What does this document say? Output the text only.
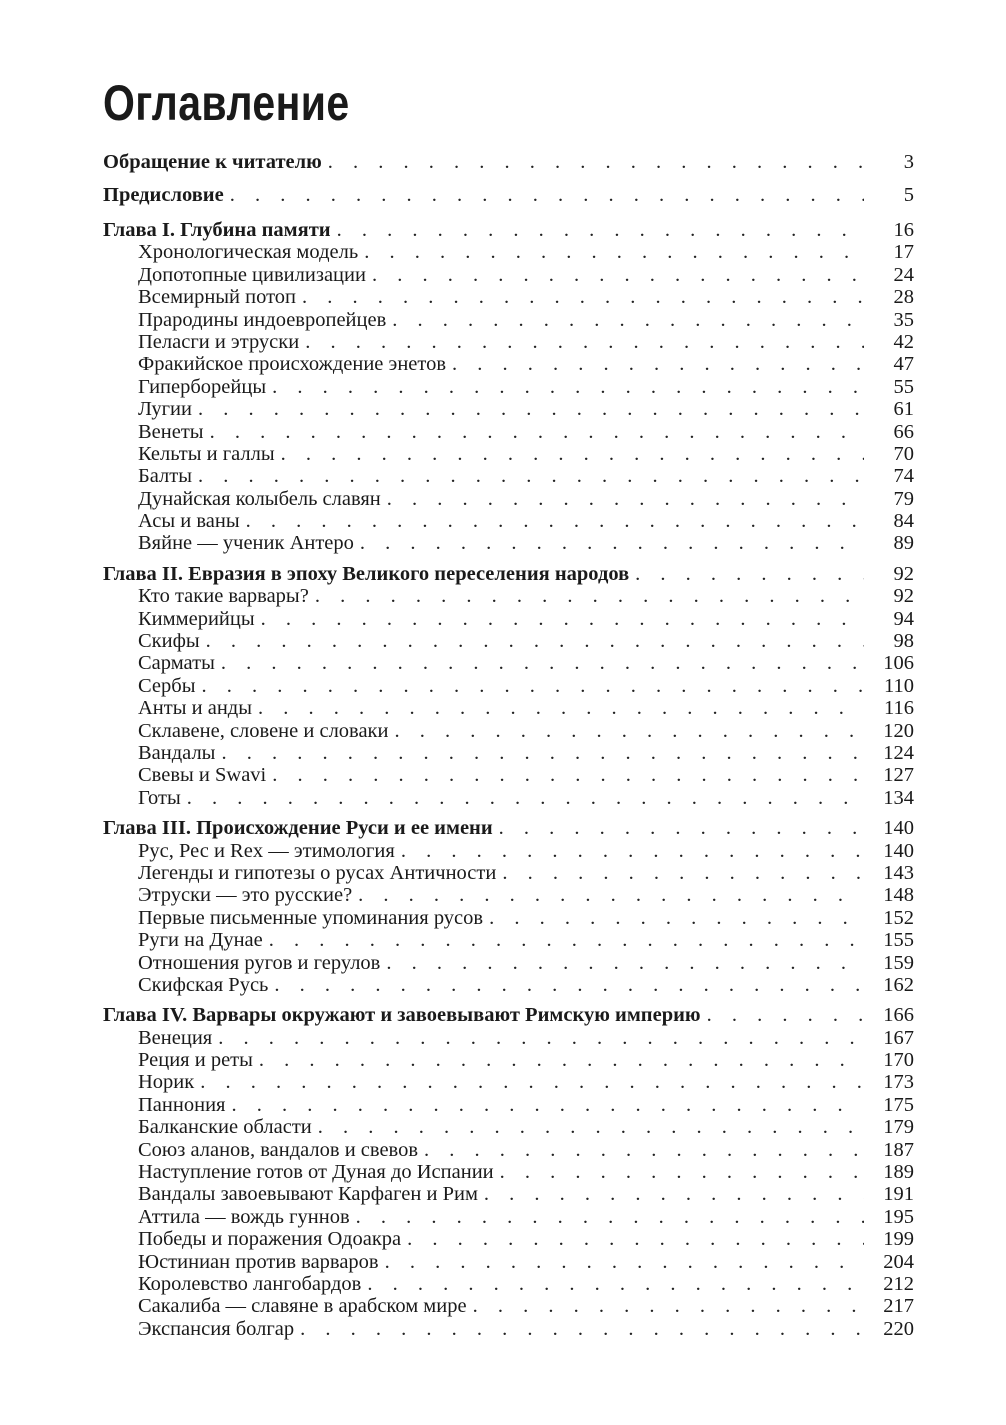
Оглавление
Обращение к читателю . . .	3
Предисловие . . .	5
Глава I. Глубина памяти . . .	16
Хронологическая модель . . .	17
Допотопные цивилизации . . .	24
Всемирный потоп . . .	28
Прародины индоевропейцев . . .	35
Пеласги и этруски . . .	42
Фракийское происхождение энетов . . .	47
Гиперборейцы . . .	55
Лугии . . .	61
Венеты . . .	66
Кельты и галлы . . .	70
Балты . . .	74
Дунайская колыбель славян . . .	79
Асы и ваны . . .	84
Вяйне — ученик Антеро . . .	89
Глава II. Евразия в эпоху Великого переселения народов . . .	92
Кто такие варвары? . . .	92
Киммерийцы . . .	94
Скифы . . .	98
Сарматы . . .	106
Сербы . . .	110
Анты и анды . . .	116
Склавене, словене и словаки . . .	120
Вандалы . . .	124
Свевы и Swavi . . .	127
Готы . . .	134
Глава III. Происхождение Руси и ее имени . . .	140
Рус, Рес и Rex — этимология . . .	140
Легенды и гипотезы о русах Античности . . .	143
Этруски — это русские? . . .	148
Первые письменные упоминания русов . . .	152
Руги на Дунае . . .	155
Отношения ругов и герулов . . .	159
Скифская Русь . . .	162
Глава IV. Варвары окружают и завоевывают Римскую империю . . .	166
Венеция . . .	167
Реция и реты . . .	170
Норик . . .	173
Паннония . . .	175
Балканские области . . .	179
Союз аланов, вандалов и свевов . . .	187
Наступление готов от Дуная до Испании . . .	189
Вандалы завоевывают Карфаген и Рим . . .	191
Аттила — вождь гуннов . . .	195
Победы и поражения Одоакра . . .	199
Юстиниан против варваров . . .	204
Королевство лангобардов . . .	212
Сакалиба — славяне в арабском мире . . .	217
Экспансия болгар . . .	220
